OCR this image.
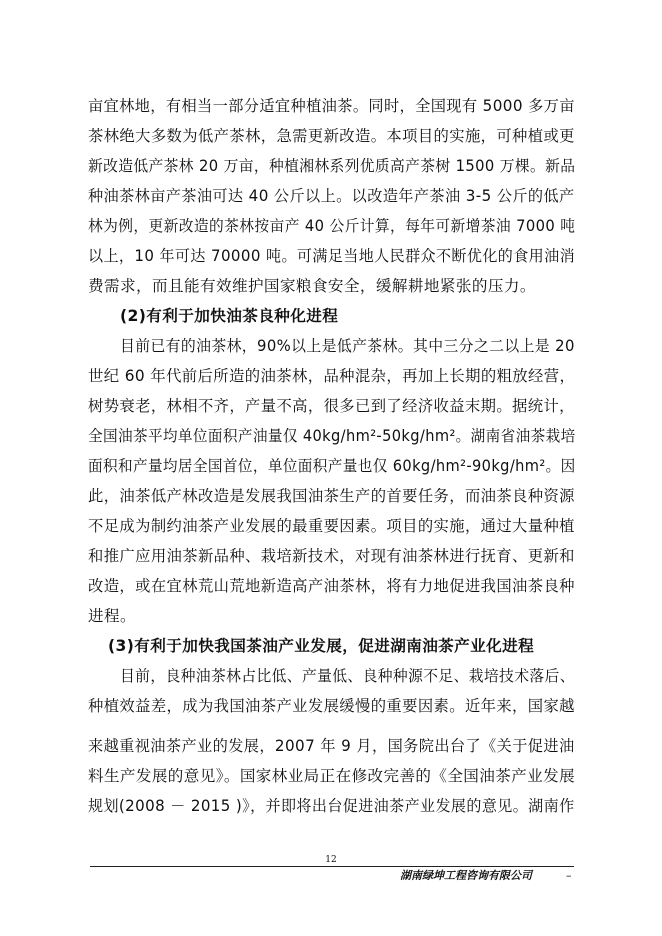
亩宜林地，有相当一部分适宜种植油茶。同时，全国现有 5000 多万亩
茶林绝大多数为低产茶林，急需更新改造。本项目的实施，可种植或更
新改造低产茶林 20 万亩，种植湘林系列优质高产茶树 1500 万棵。新品
种油茶林亩产茶油可达 40 公斤以上。以改造年产茶油 3-5 公斤的低产
林为例，更新改造的茶林按亩产 40 公斤计算，每年可新增茶油 7000 吨
以上，10 年可达 70000 吨。可满足当地人民群众不断优化的食用油消
费需求，而且能有效维护国家粮食安全，缓解耕地紧张的压力。
(2)有利于加快油茶良种化进程
目前已有的油茶林，90%以上是低产茶林。其中三分之二以上是 20
世纪 60 年代前后所造的油茶林，品种混杂，再加上长期的粗放经营，
树势衰老，林相不齐，产量不高，很多已到了经济收益末期。据统计，
全国油茶平均单位面积产油量仅 40kg/hm²-50kg/hm²。湖南省油茶栽培
面积和产量均居全国首位，单位面积产量也仅 60kg/hm²-90kg/hm²。因
此，油茶低产林改造是发展我国油茶生产的首要任务，而油茶良种资源
不足成为制约油茶产业发展的最重要因素。项目的实施，通过大量种植
和推广应用油茶新品种、栽培新技术，对现有油茶林进行抚育、更新和
改造，或在宜林荒山荒地新造高产油茶林，将有力地促进我国油茶良种
进程。
(3)有利于加快我国茶油产业发展，促进湖南油茶产业化进程
目前，良种油茶林占比低、产量低、良种种源不足、栽培技术落后、
种植效益差，成为我国油茶产业发展缓慢的重要因素。近年来，国家越
来越重视油茶产业的发展，2007 年 9 月，国务院出台了《关于促进油
料生产发展的意见》。国家林业局正在修改完善的《全国油茶产业发展
规划(2008 － 2015 )》，并即将出台促进油茶产业发展的意见。湖南作
12
湖南绿坤工程咨询有限公司	–
